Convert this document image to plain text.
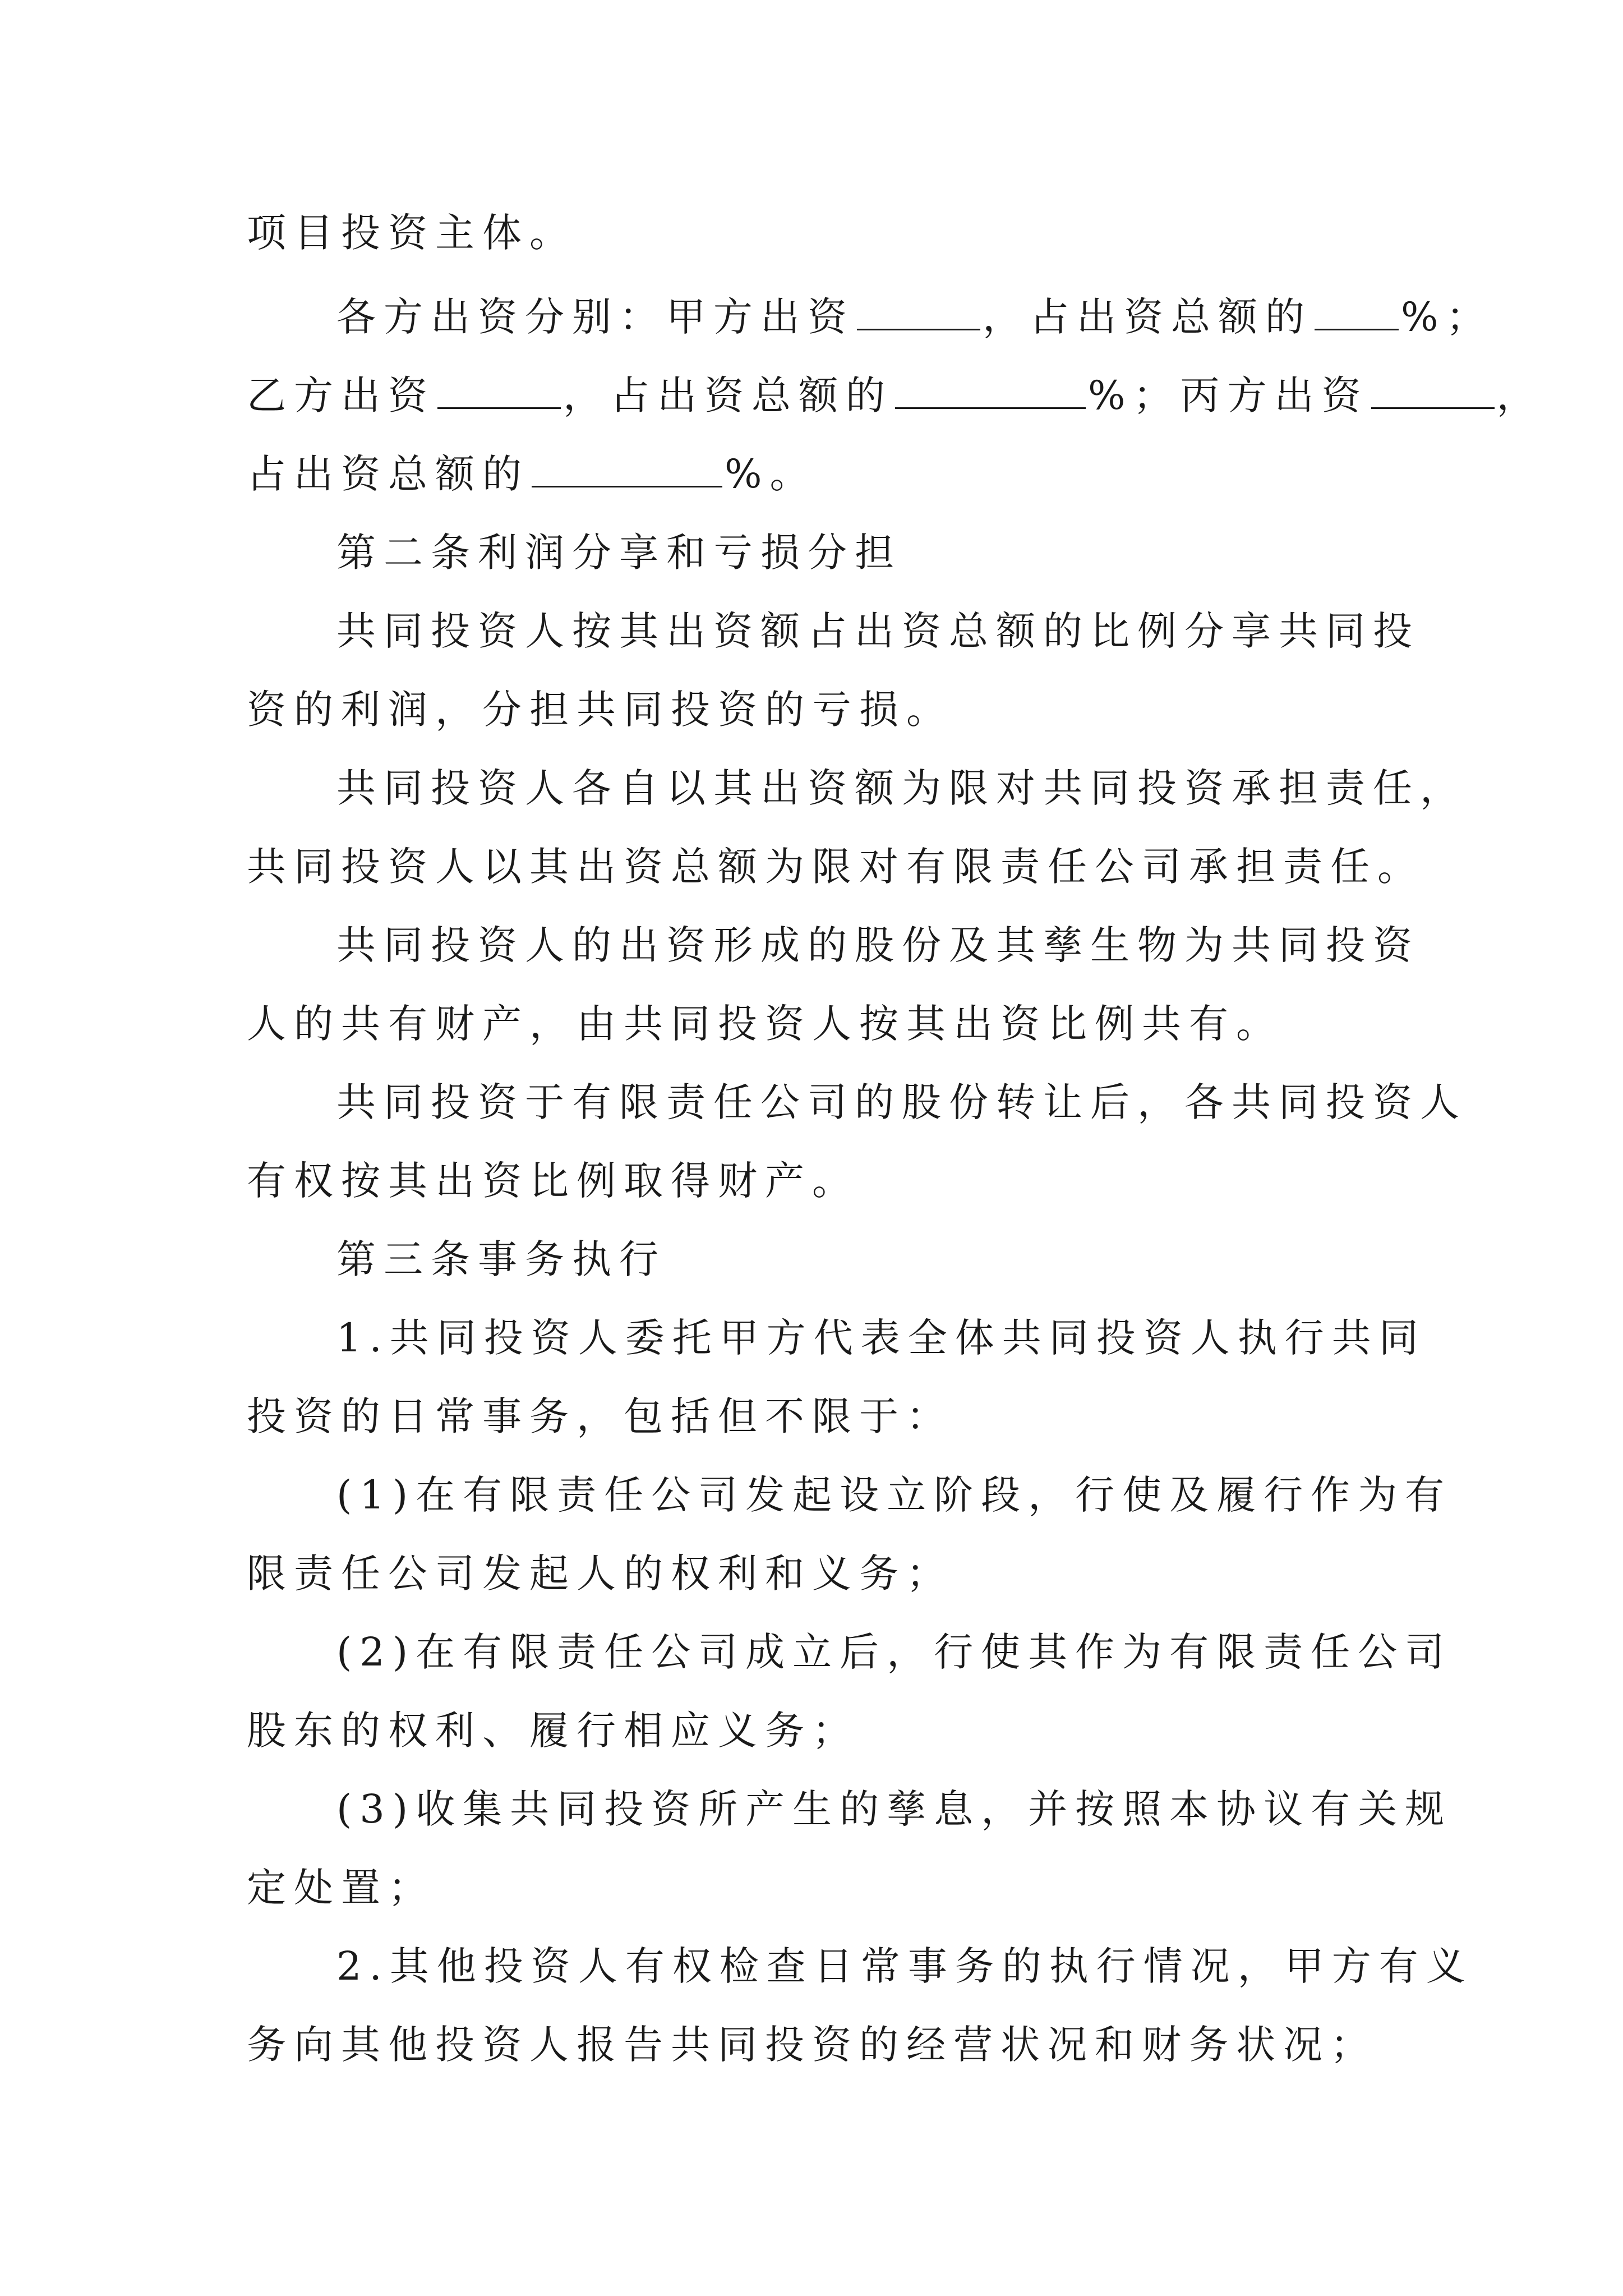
项目投资主体。
各方出资分别：甲方出资	，占出资总额的 %；
乙方出资	，占出资总额的	%；丙方出资	，
占出资总额的	%。
第二条利润分享和亏损分担
共同投资人按其出资额占出资总额的比例分享共同投
资的利润，分担共同投资的亏损。
共同投资人各自以其出资额为限对共同投资承担责任，
共同投资人以其出资总额为限对有限责任公司承担责任。
共同投资人的出资形成的股份及其孳生物为共同投资
人的共有财产，由共同投资人按其出资比例共有。
共同投资于有限责任公司的股份转让后，各共同投资人
有权按其出资比例取得财产。
第三条事务执行
1.共同投资人委托甲方代表全体共同投资人执行共同
投资的日常事务，包括但不限于：
(1)在有限责任公司发起设立阶段，行使及履行作为有
限责任公司发起人的权利和义务；
(2)在有限责任公司成立后，行使其作为有限责任公司
股东的权利、履行相应义务；
(3)收集共同投资所产生的孳息，并按照本协议有关规
定处置；
2.其他投资人有权检查日常事务的执行情况，甲方有义
务向其他投资人报告共同投资的经营状况和财务状况；
